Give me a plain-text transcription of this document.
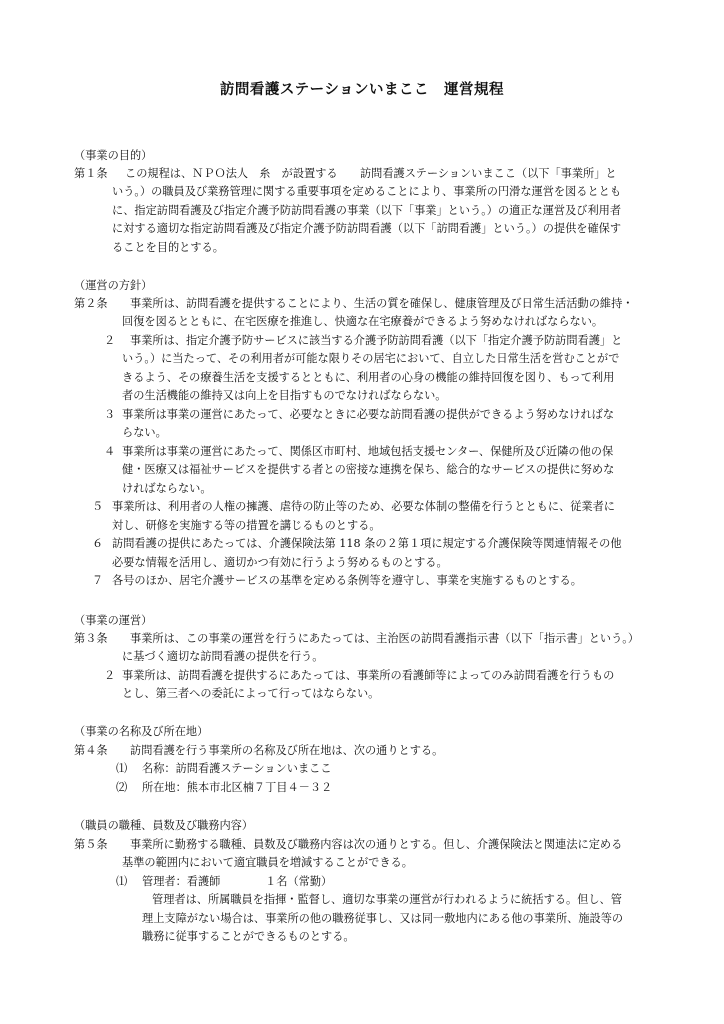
訪問看護ステーションいまここ　運営規程
（事業の目的）
第１条 この規程は、ＮＰＯ法人　糸　が設置する　　訪問看護ステーションいまここ（以下「事業所」と
いう。）の職員及び業務管理に関する重要事項を定めることにより、事業所の円滑な運営を図るととも
に、指定訪問看護及び指定介護予防訪問看護の事業（以下「事業」という。）の適正な運営及び利用者
に対する適切な指定訪問看護及び指定介護予防訪問看護（以下「訪問看護」という。）の提供を確保す
ることを目的とする。
（運営の方針）
第２条 事業所は、訪問看護を提供することにより、生活の質を確保し、健康管理及び日常生活活動の維持・
回復を図るとともに、在宅医療を推進し、快適な在宅療養ができるよう努めなければならない。
２ 事業所は、指定介護予防サービスに該当する介護予防訪問看護（以下「指定介護予防訪問看護」と
いう。）に当たって、その利用者が可能な限りその居宅において、自立した日常生活を営むことがで
きるよう、その療養生活を支援するとともに、利用者の心身の機能の維持回復を図り、もって利用
者の生活機能の維持又は向上を目指すものでなければならない。
３ 事業所は事業の運営にあたって、必要なときに必要な訪問看護の提供ができるよう努めなければな
らない。
４ 事業所は事業の運営にあたって、関係区市町村、地域包括支援センター、保健所及び近隣の他の保
健・医療又は福祉サービスを提供する者との密接な連携を保ち、総合的なサービスの提供に努めな
ければならない。
５ 事業所は、利用者の人権の擁護、虐待の防止等のため、必要な体制の整備を行うとともに、従業者に
対し、研修を実施する等の措置を講じるものとする。
６ 訪問看護の提供にあたっては、介護保険法第 118 条の２第１項に規定する介護保険等関連情報その他
必要な情報を活用し、適切かつ有効に行うよう努めるものとする。
７ 各号のほか、居宅介護サービスの基準を定める条例等を遵守し、事業を実施するものとする。
（事業の運営）
第３条 事業所は、この事業の運営を行うにあたっては、主治医の訪問看護指示書（以下「指示書」という。）
に基づく適切な訪問看護の提供を行う。
２ 事業所は、訪問看護を提供するにあたっては、事業所の看護師等によってのみ訪問看護を行うもの
とし、第三者への委託によって行ってはならない。
（事業の名称及び所在地）
第４条 訪問看護を行う事業所の名称及び所在地は、次の通りとする。
⑴ 名称：訪問看護ステーションいまここ
⑵ 所在地：熊本市北区楠７丁目４－３２
（職員の職種、員数及び職務内容）
第５条 事業所に勤務する職種、員数及び職務内容は次の通りとする。但し、介護保険法と関連法に定める
基準の範囲内において適宜職員を増減することができる。
⑴ 管理者：看護師　　　　１名（常勤）
管理者は、所属職員を指揮・監督し、適切な事業の運営が行われるように統括する。但し、管
理上支障がない場合は、事業所の他の職務従事し、又は同一敷地内にある他の事業所、施設等の
職務に従事することができるものとする。
